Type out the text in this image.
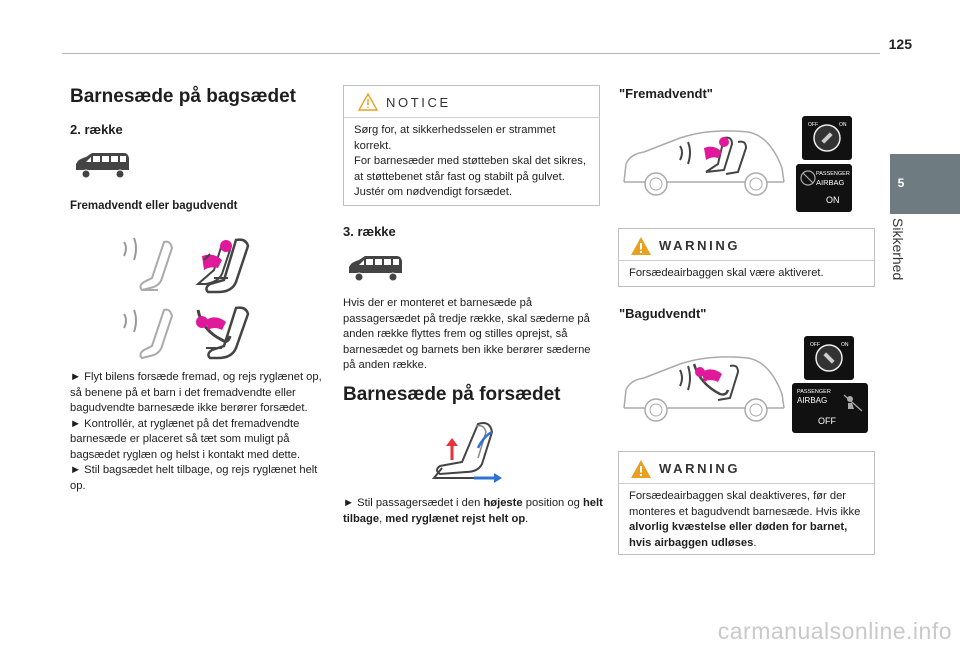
125
5
Sikkerhed
Barnesæde på bagsædet
2. række
Fremadvendt eller bagudvendt

► Flyt bilens forsæde fremad, og rejs ryglænet op, så benene på et barn i det fremadvendte eller bagudvendte barnesæde ikke berører forsædet.

► Kontrollér, at ryglænet på det fremadvendte barnesæde er placeret så tæt som muligt på bagsædet ryglæn og helst i kontakt med dette.

► Stil bagsædet helt tilbage, og rejs ryglænet helt op.

NOTICE

Sørg for, at sikkerhedsselen er strammet korrekt.

For barnesæder med støtteben skal det sikres, at støttebenet står fast og stabilt på gulvet. Justér om nødvendigt forsædet.

3. række
Hvis der er monteret et barnesæde på passagersædet på tredje række, skal sæderne på anden række flyttes frem og stilles oprejst, så barnesædet og barnets ben ikke berører sæderne på anden række.
Barnesæde på forsædet
► Stil passagersædet i den højeste position og helt tilbage, med ryglænet rejst helt op.
"Fremadvendt"
OFF	ON
PASSENGER
AIRBAG
ON
WARNING
Forsædeairbaggen skal være aktiveret.
"Bagudvendt"
OFF	ON
PASSENGER
AIRBAG
OFF
WARNING
Forsædeairbaggen skal deaktiveres, før der monteres et bagudvendt barnesæde. Hvis ikke alvorlig kvæstelse eller døden for barnet, hvis airbaggen udløses.
carmanualsonline.info
